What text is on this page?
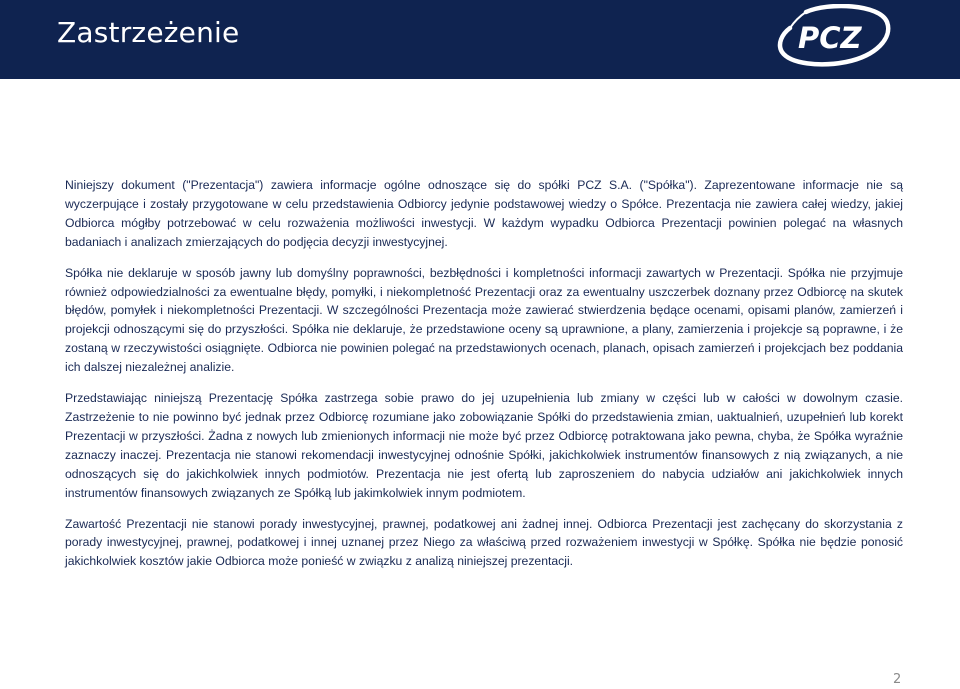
Zastrzeżenie	PCZ

Niniejszy dokument ("Prezentacja") zawiera informacje ogólne odnoszące się do spółki PCZ S.A. ("Spółka"). Zaprezentowane informacje nie są wyczerpujące i zostały przygotowane w celu przedstawienia Odbiorcy jedynie podstawowej wiedzy o Spółce. Prezentacja nie zawiera całej wiedzy, jakiej Odbiorca mógłby potrzebować w celu rozważenia możliwości inwestycji. W każdym wypadku Odbiorca Prezentacji powinien polegać na własnych badaniach i analizach zmierzających do podjęcia decyzji inwestycyjnej.

Spółka nie deklaruje w sposób jawny lub domyślny poprawności, bezbłędności i kompletności informacji zawartych w Prezentacji. Spółka nie przyjmuje również odpowiedzialności za ewentualne błędy, pomyłki, i niekompletność Prezentacji oraz za ewentualny uszczerbek doznany przez Odbiorcę na skutek błędów, pomyłek i niekompletności Prezentacji. W szczególności Prezentacja może zawierać stwierdzenia będące ocenami, opisami planów, zamierzeń i projekcji odnoszącymi się do przyszłości. Spółka nie deklaruje, że przedstawione oceny są uprawnione, a plany, zamierzenia i projekcje są poprawne, i że zostaną w rzeczywistości osiągnięte. Odbiorca nie powinien polegać na przedstawionych ocenach, planach, opisach zamierzeń i projekcjach bez poddania ich dalszej niezależnej analizie.

Przedstawiając niniejszą Prezentację Spółka zastrzega sobie prawo do jej uzupełnienia lub zmiany w części lub w całości w dowolnym czasie. Zastrzeżenie to nie powinno być jednak przez Odbiorcę rozumiane jako zobowiązanie Spółki do przedstawienia zmian, uaktualnień, uzupełnień lub korekt Prezentacji w przyszłości. Żadna z nowych lub zmienionych informacji nie może być przez Odbiorcę potraktowana jako pewna, chyba, że Spółka wyraźnie zaznaczy inaczej. Prezentacja nie stanowi rekomendacji inwestycyjnej odnośnie Spółki, jakichkolwiek instrumentów finansowych z nią związanych, a nie odnoszących się do jakichkolwiek innych podmiotów. Prezentacja nie jest ofertą lub zaproszeniem do nabycia udziałów ani jakichkolwiek innych instrumentów finansowych związanych ze Spółką lub jakimkolwiek innym podmiotem.

Zawartość Prezentacji nie stanowi porady inwestycyjnej, prawnej, podatkowej ani żadnej innej. Odbiorca Prezentacji jest zachęcany do skorzystania z porady inwestycyjnej, prawnej, podatkowej i innej uznanej przez Niego za właściwą przed rozważeniem inwestycji w Spółkę. Spółka nie będzie ponosić jakichkolwiek kosztów jakie Odbiorca może ponieść w związku z analizą niniejszej prezentacji.

2
